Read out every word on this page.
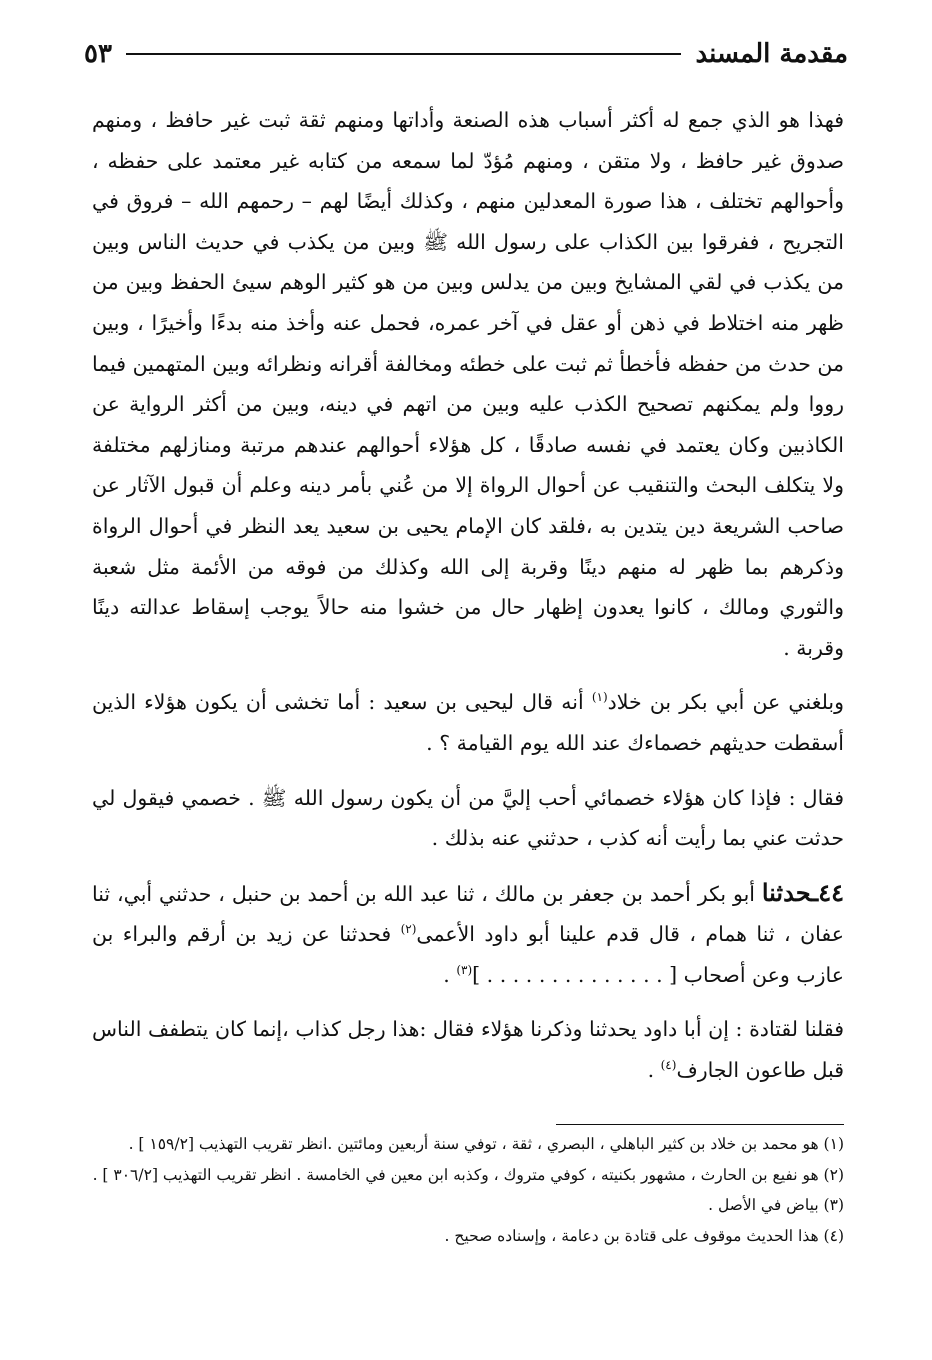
مقدمة المسند
٥٣

فهذا هو الذي جمع له أكثر أسباب هذه الصنعة وأداتها ومنهم ثقة ثبت غير حافظ ، ومنهم صدوق غير حافظ ، ولا متقن ، ومنهم مُؤدّ لما سمعه من كتابه غير معتمد على حفظه ، وأحوالهم تختلف ، هذا صورة المعدلين منهم ، وكذلك أيضًا لهم – رحمهم الله – فروق في التجريح ، ففرقوا بين الكذاب على رسول الله ﷺ وبين من يكذب في حديث الناس وبين من يكذب في لقي المشايخ وبين من يدلس وبين من هو كثير الوهم سيئ الحفظ وبين من ظهر منه اختلاط في ذهن أو عقل في آخر عمره، فحمل عنه وأخذ منه بدءًا وأخيرًا ، وبين من حدث من حفظه فأخطأ ثم ثبت على خطئه ومخالفة أقرانه ونظرائه وبين المتهمين فيما رووا ولم يمكنهم تصحيح الكذب عليه وبين من اتهم في دينه، وبين من أكثر الرواية عن الكاذبين وكان يعتمد في نفسه صادقًا ، كل هؤلاء أحوالهم عندهم مرتبة ومنازلهم مختلفة ولا يتكلف البحث والتنقيب عن أحوال الرواة إلا من عُني بأمر دينه وعلم أن قبول الآثار عن صاحب الشريعة دين يتدين به ،فلقد كان الإمام يحيى بن سعيد يعد النظر في أحوال الرواة وذكرهم بما ظهر له منهم دينًا وقربة إلى الله وكذلك من فوقه من الأئمة مثل شعبة والثوري ومالك ، كانوا يعدون إظهار حال من خشوا منه حالاً يوجب إسقاط عدالته دينًا وقربة .

وبلغني عن أبي بكر بن خلاد$^{(١)}$ أنه قال ليحيى بن سعيد : أما تخشى أن يكون هؤلاء الذين أسقطت حديثهم خصماءك عند الله يوم القيامة ؟ .

فقال : فإذا كان هؤلاء خصمائي أحب إليَّ من أن يكون رسول الله ﷺ . خصمي فيقول لي حدثت عني بما رأيت أنه كذب ، حدثني عنه بذلك .

٤٤ـحدثنا أبو بكر أحمد بن جعفر بن مالك ، ثنا عبد الله بن أحمد بن حنبل ، حدثني أبي، ثنا عفان ، ثنا همام ، قال قدم علينا أبو داود الأعمى$^{(٢)}$ فحدثنا عن زيد بن أرقم والبراء بن عازب وعن أصحاب [ . . . . . . . . . . . . . . ]$^{(٣)}$ .

فقلنا لقتادة : إن أبا داود يحدثنا وذكرنا هؤلاء فقال :هذا رجل كذاب ،إنما كان يتطفف الناس قبل طاعون الجارف$^{(٤)}$ .

(١) هو محمد بن خلاد بن كثير الباهلي ، البصري ، ثقة ، توفي سنة أربعين ومائتين .انظر تقريب التهذيب [١٥٩/٢ ] .

(٢) هو نفيع بن الحارث ، مشهور بكنيته ، كوفي متروك ، وكذبه ابن معين في الخامسة . انظر تقريب التهذيب [٣٠٦/٢ ] .

(٣) بياض في الأصل .

(٤) هذا الحديث موقوف على قتادة بن دعامة ، وإسناده صحيح .
